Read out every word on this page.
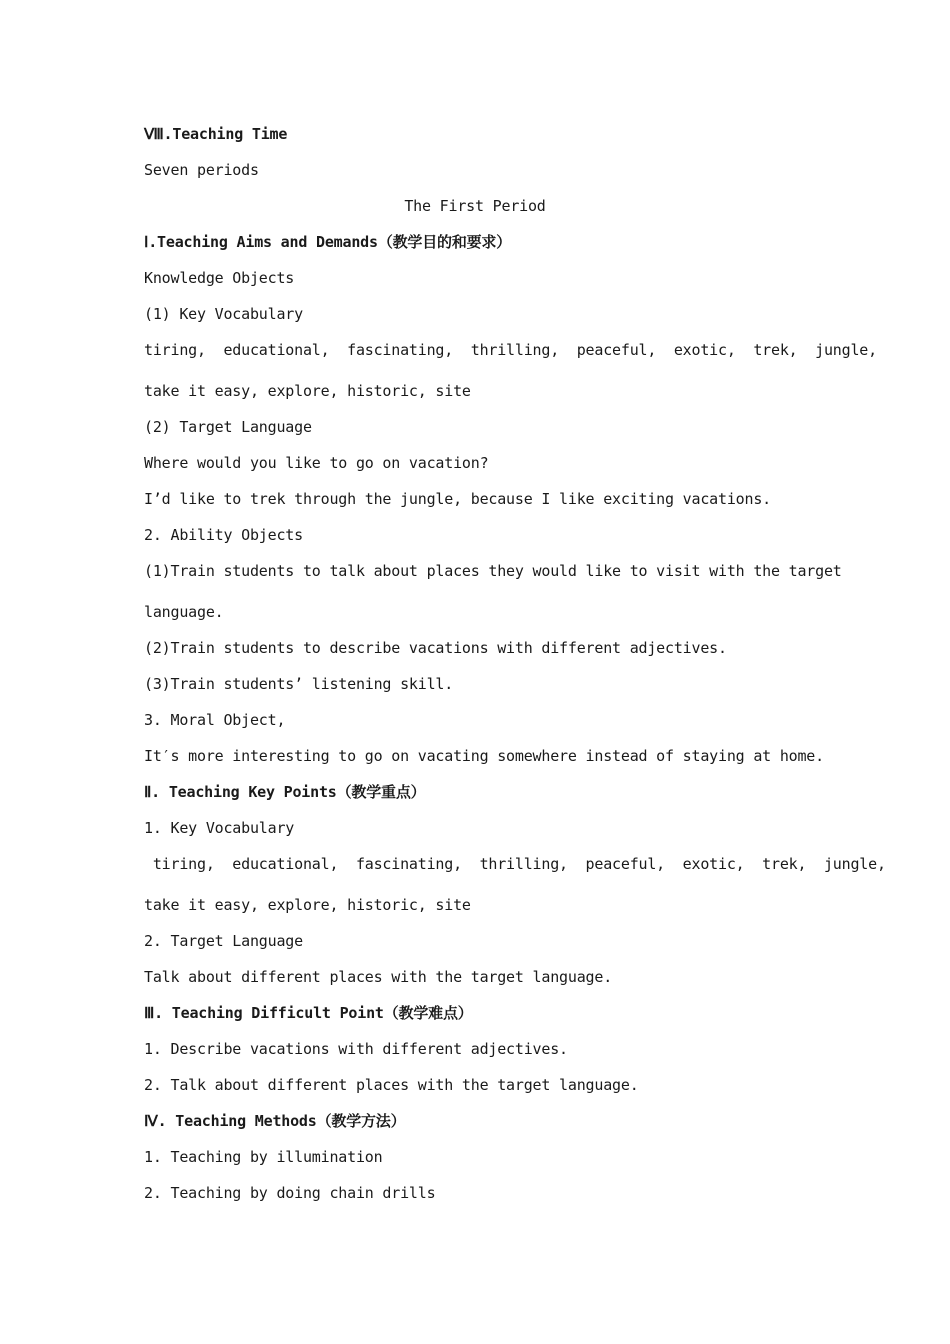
Ⅷ.Teaching Time

Seven periods

The First Period

Ⅰ.Teaching Aims and Demands（教学目的和要求）

Knowledge Objects

(1) Key Vocabulary

tiring,  educational,  fascinating,  thrilling,  peaceful,  exotic,  trek,  jungle,

take it easy, explore, historic, site

(2) Target Language

Where would you like to go on vacation?

I’d like to trek through the jungle, because I like exciting vacations.

2. Ability Objects

(1)Train students to talk about places they would like to visit with the target

language.

(2)Train students to describe vacations with different adjectives.

(3)Train students’ listening skill.

3. Moral Object,

It′s more interesting to go on vacating somewhere instead of staying at home.

Ⅱ. Teaching Key Points（教学重点）

1. Key Vocabulary

tiring,  educational,  fascinating,  thrilling,  peaceful,  exotic,  trek,  jungle,

take it easy, explore, historic, site

2. Target Language

Talk about different places with the target language.

Ⅲ. Teaching Difficult Point（教学难点）

1. Describe vacations with different adjectives.

2. Talk about different places with the target language.

Ⅳ. Teaching Methods（教学方法）

1. Teaching by illumination

2. Teaching by doing chain drills
